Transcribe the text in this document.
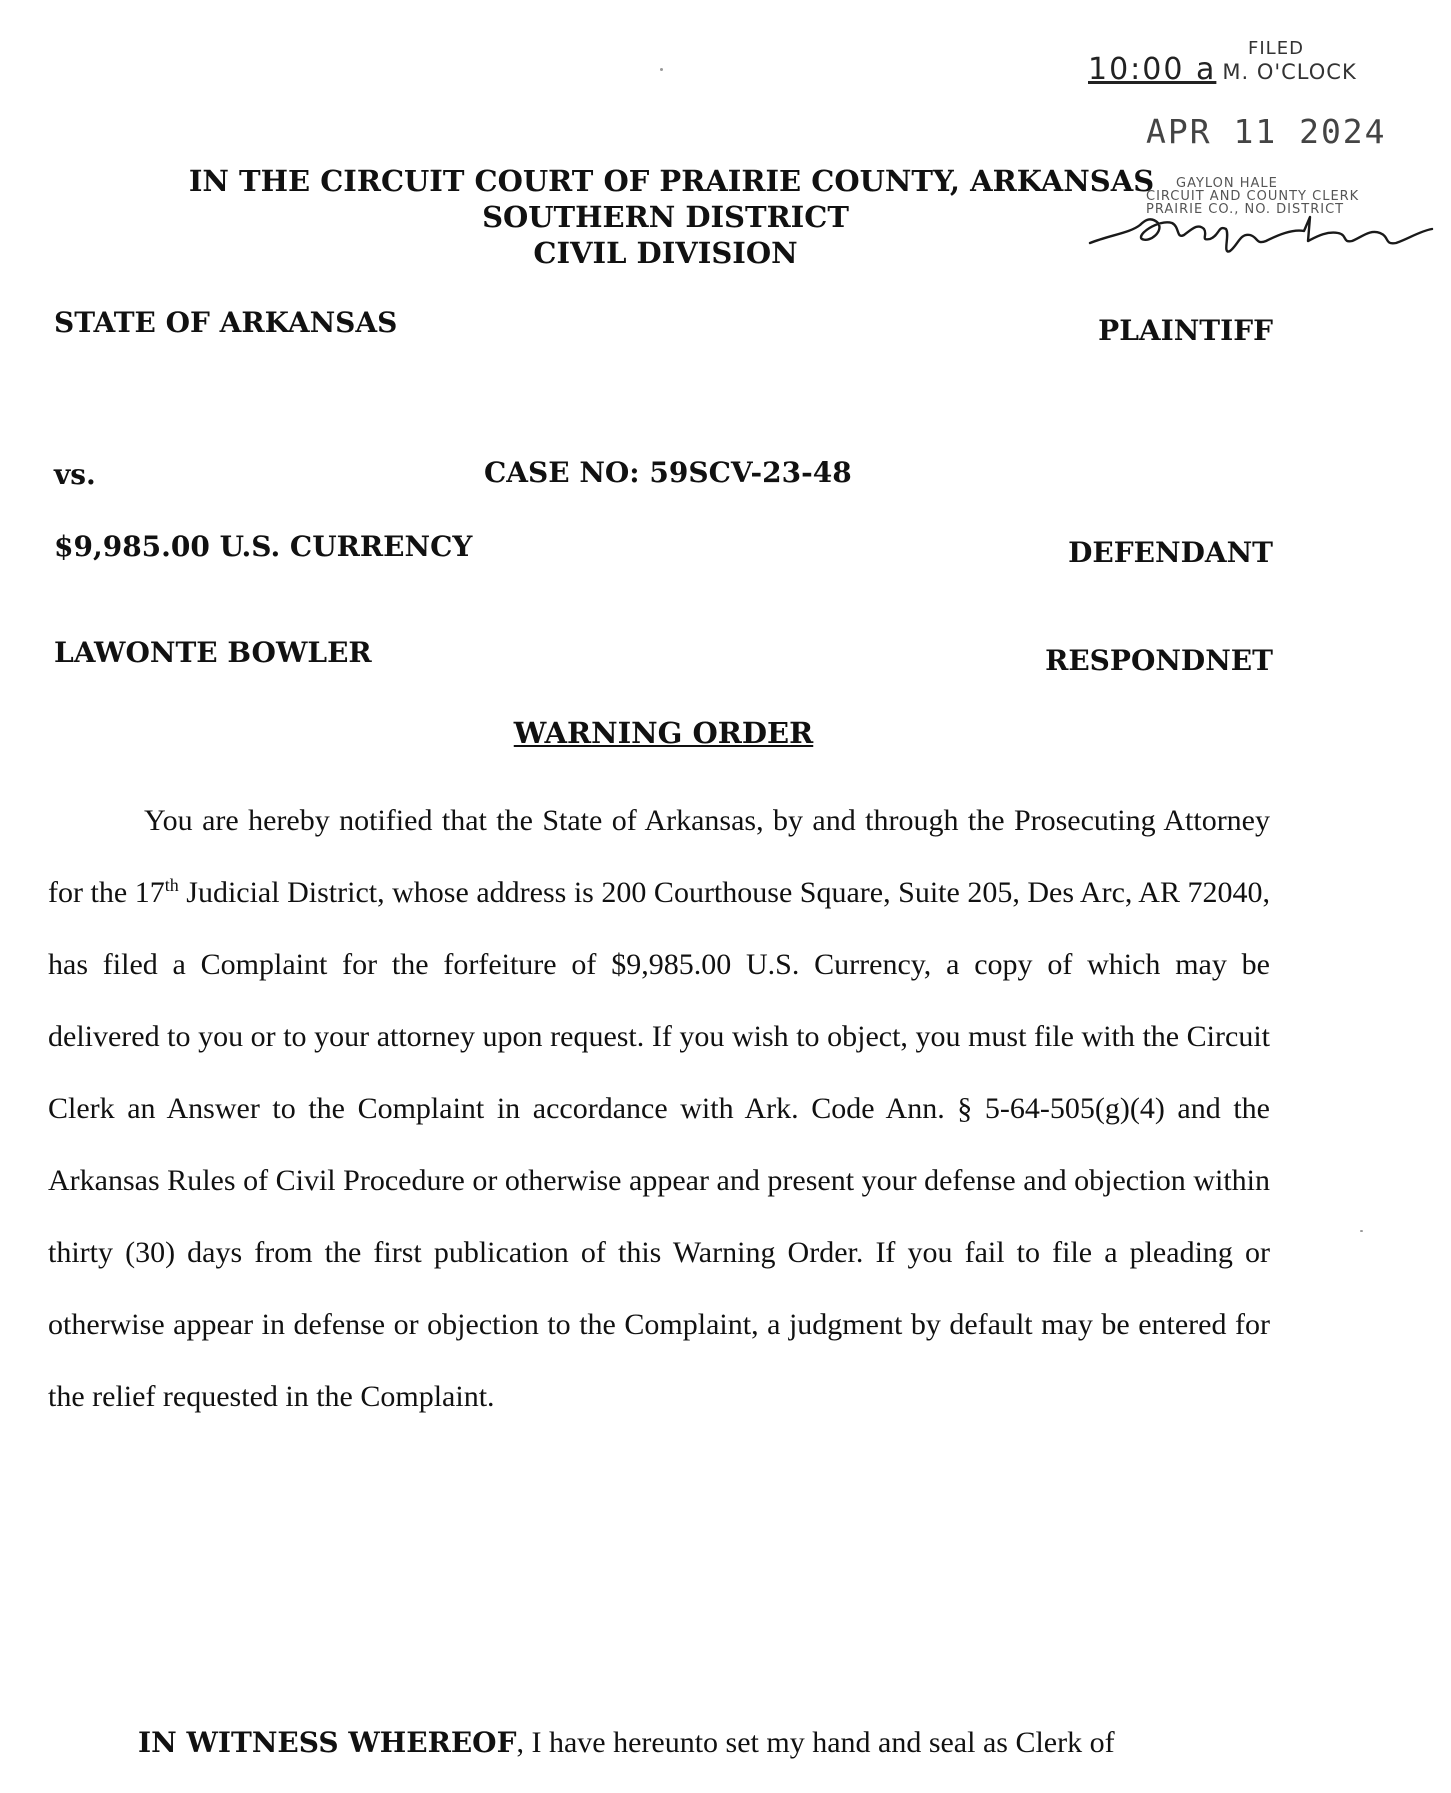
FILED
10:00 a M. O'CLOCK
APR 11 2024
GAYLON HALE
CIRCUIT AND COUNTY CLERK
PRAIRIE CO., NO. DISTRICT
IN THE CIRCUIT COURT OF PRAIRIE COUNTY, ARKANSAS
SOUTHERN DISTRICT
CIVIL DIVISION
STATE OF ARKANSAS	PLAINTIFF
vs.	CASE NO: 59SCV-23-48
$9,985.00 U.S. CURRENCY	DEFENDANT
LAWONTE BOWLER	RESPONDNET
WARNING ORDER
You are hereby notified that the State of Arkansas, by and through the Prosecuting Attorney for the 17th Judicial District, whose address is 200 Courthouse Square, Suite 205, Des Arc, AR 72040, has filed a Complaint for the forfeiture of $9,985.00 U.S. Currency, a copy of which may be delivered to you or to your attorney upon request. If you wish to object, you must file with the Circuit Clerk an Answer to the Complaint in accordance with Ark. Code Ann. § 5-64-505(g)(4) and the Arkansas Rules of Civil Procedure or otherwise appear and present your defense and objection within thirty (30) days from the first publication of this Warning Order. If you fail to file a pleading or otherwise appear in defense or objection to the Complaint, a judgment by default may be entered for the relief requested in the Complaint.
IN WITNESS WHEREOF, I have hereunto set my hand and seal as Clerk of
